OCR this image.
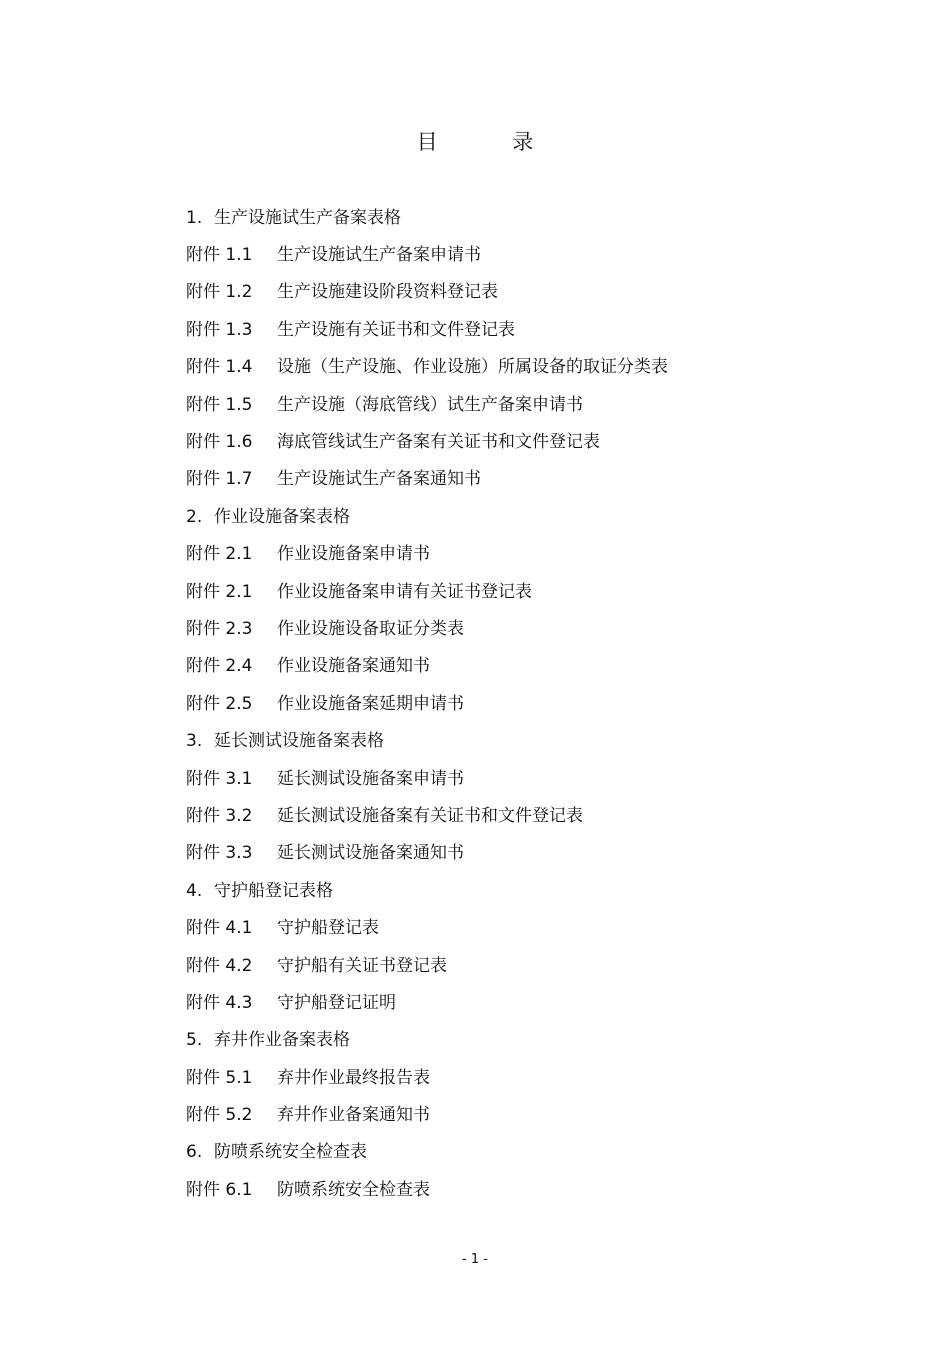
目 录
1. 生产设施试生产备案表格
附件 1.1	生产设施试生产备案申请书
附件 1.2	生产设施建设阶段资料登记表
附件 1.3	生产设施有关证书和文件登记表
附件 1.4	设施（生产设施、作业设施）所属设备的取证分类表
附件 1.5	生产设施（海底管线）试生产备案申请书
附件 1.6	海底管线试生产备案有关证书和文件登记表
附件 1.7	生产设施试生产备案通知书
2. 作业设施备案表格
附件 2.1	作业设施备案申请书
附件 2.1	作业设施备案申请有关证书登记表
附件 2.3	作业设施设备取证分类表
附件 2.4	作业设施备案通知书
附件 2.5	作业设施备案延期申请书
3. 延长测试设施备案表格
附件 3.1	延长测试设施备案申请书
附件 3.2	延长测试设施备案有关证书和文件登记表
附件 3.3	延长测试设施备案通知书
4. 守护船登记表格
附件 4.1	守护船登记表
附件 4.2	守护船有关证书登记表
附件 4.3	守护船登记证明
5. 弃井作业备案表格
附件 5.1	弃井作业最终报告表
附件 5.2	弃井作业备案通知书
6. 防喷系统安全检查表
附件 6.1	防喷系统安全检查表
- 1 -
